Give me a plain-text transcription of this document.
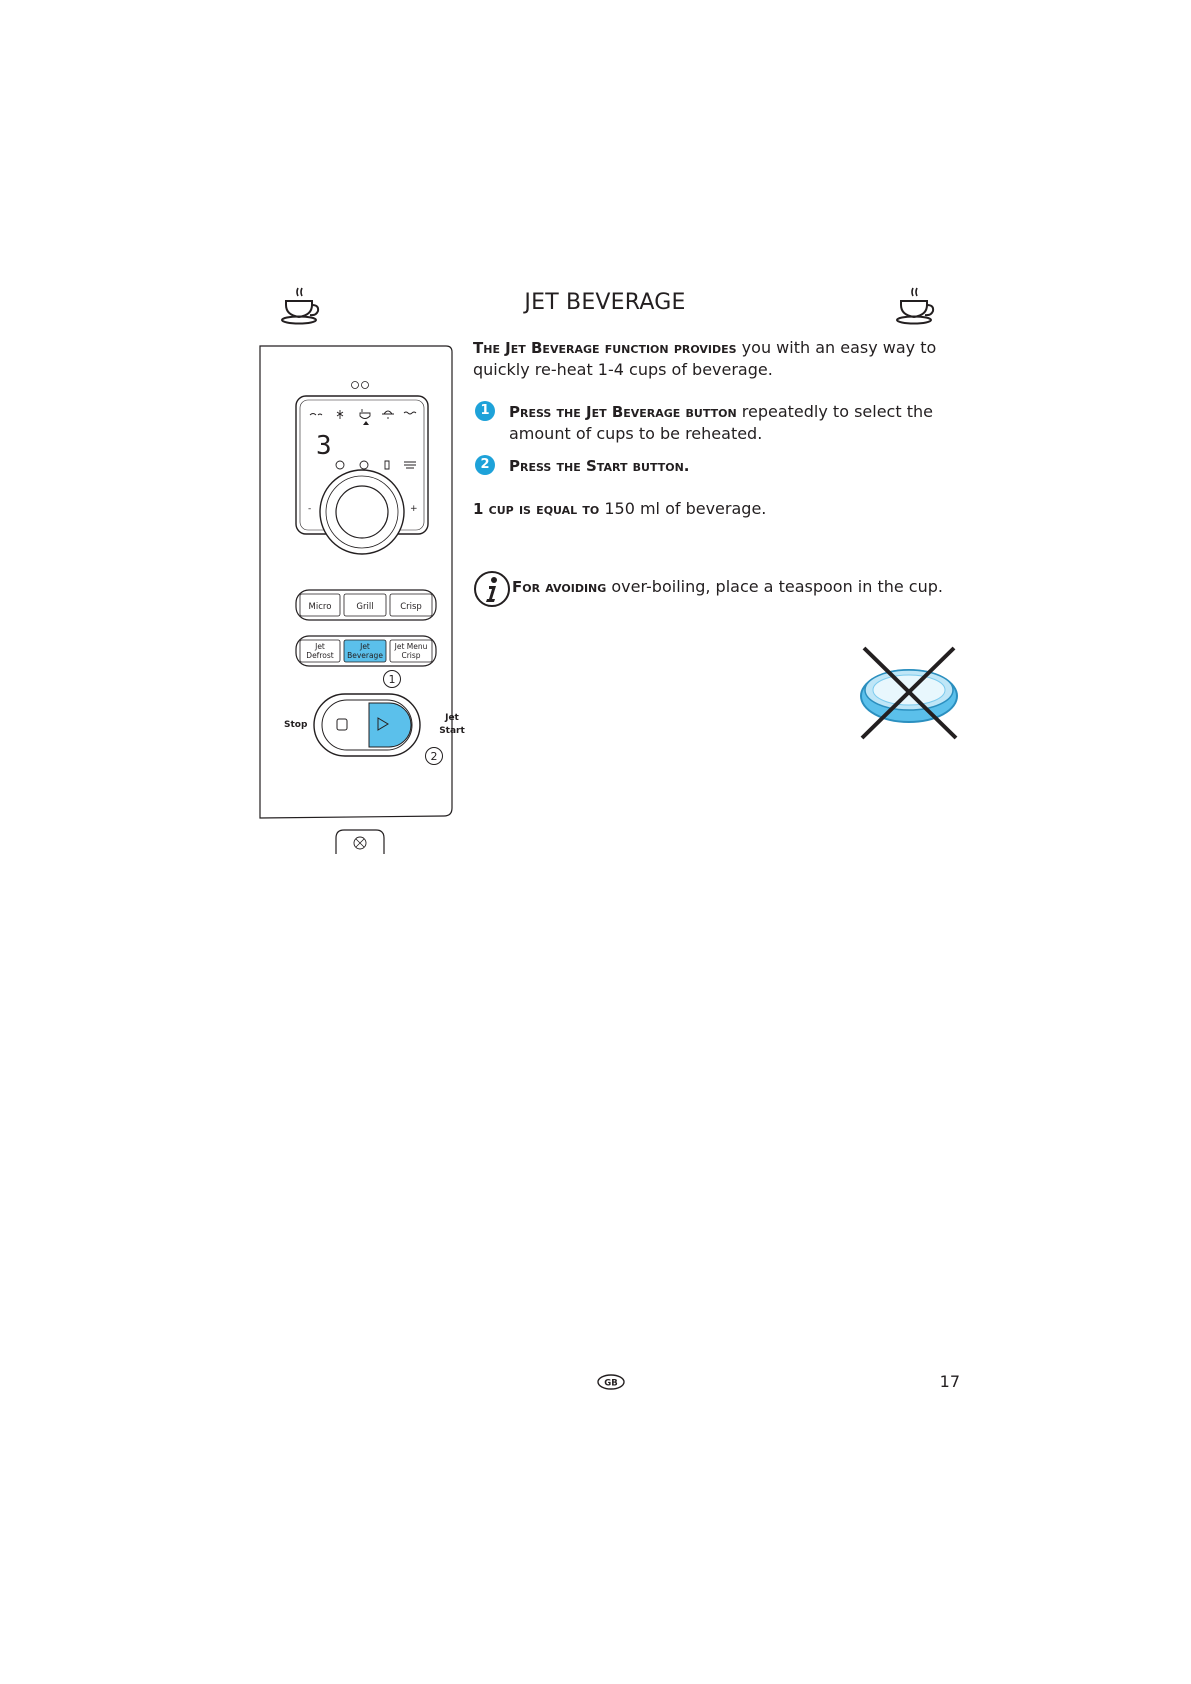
JET BEVERAGE
3
-	+
Micro	Grill	Crisp
Jet
Defrost
Jet
Beverage
Jet Menu
Crisp
1
Stop
Jet
Start
2
The Jet Beverage function provides you with an easy way to quickly re-heat 1-4 cups of beverage.
1	Press the Jet Beverage button repeatedly to select the amount of cups to be reheated.
2	Press the Start button.
1 cup is equal to 150 ml of beverage.
For avoiding over-boiling, place a teaspoon in the cup.
GB	17
